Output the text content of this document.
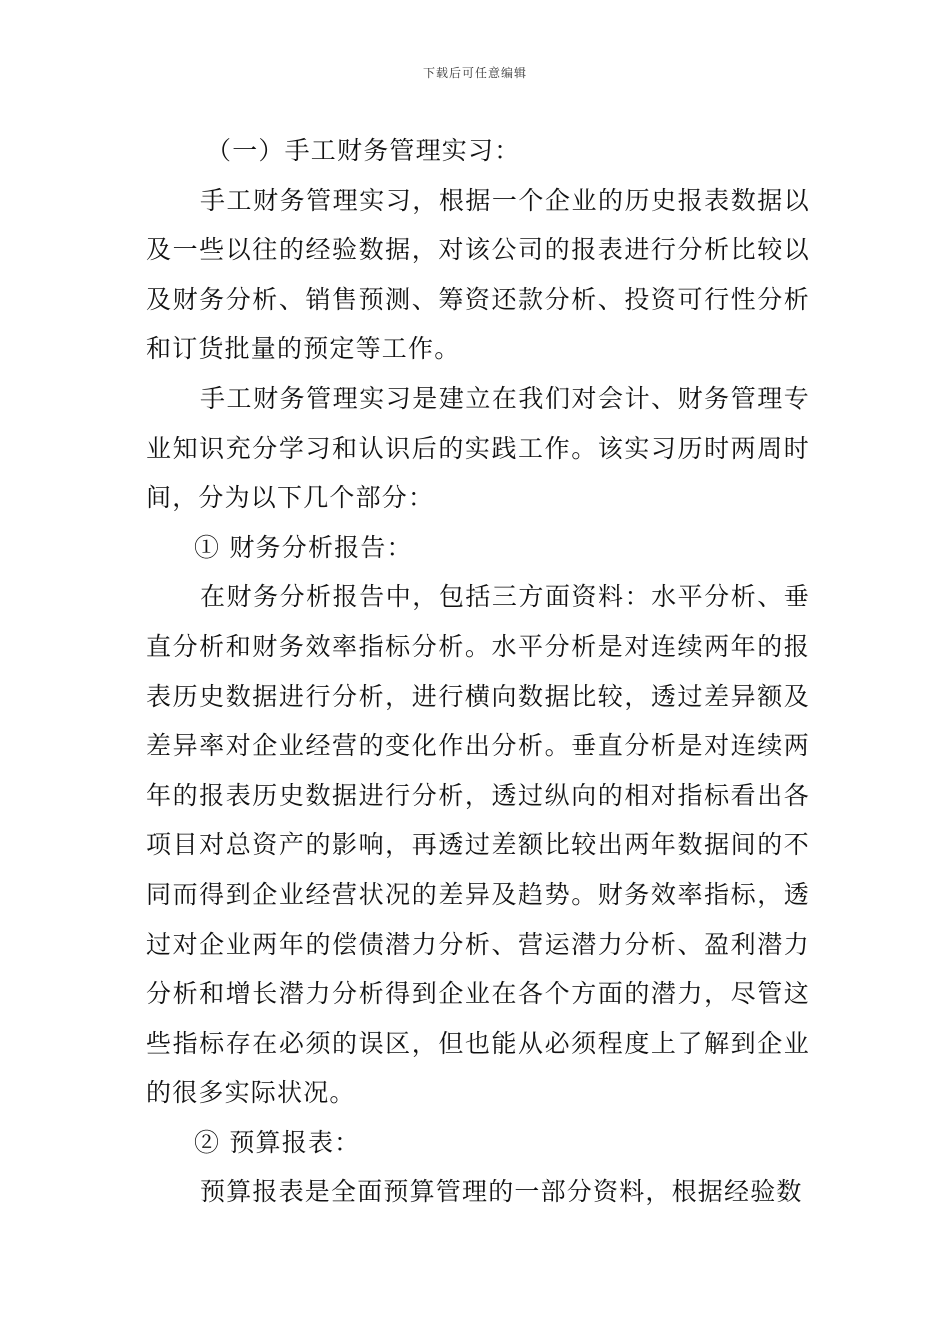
下载后可任意编辑

（一）手工财务管理实习：

手工财务管理实习，根据一个企业的历史报表数据以及一些以往的经验数据，对该公司的报表进行分析比较以及财务分析、销售预测、筹资还款分析、投资可行性分析和订货批量的预定等工作。

手工财务管理实习是建立在我们对会计、财务管理专业知识充分学习和认识后的实践工作。该实习历时两周时间，分为以下几个部分：

① 财务分析报告：

在财务分析报告中，包括三方面资料：水平分析、垂直分析和财务效率指标分析。水平分析是对连续两年的报表历史数据进行分析，进行横向数据比较，透过差异额及差异率对企业经营的变化作出分析。垂直分析是对连续两年的报表历史数据进行分析，透过纵向的相对指标看出各项目对总资产的影响，再透过差额比较出两年数据间的不同而得到企业经营状况的差异及趋势。财务效率指标，透过对企业两年的偿债潜力分析、营运潜力分析、盈利潜力分析和增长潜力分析得到企业在各个方面的潜力，尽管这些指标存在必须的误区，但也能从必须程度上了解到企业的很多实际状况。

② 预算报表：

预算报表是全面预算管理的一部分资料，根据经验数
